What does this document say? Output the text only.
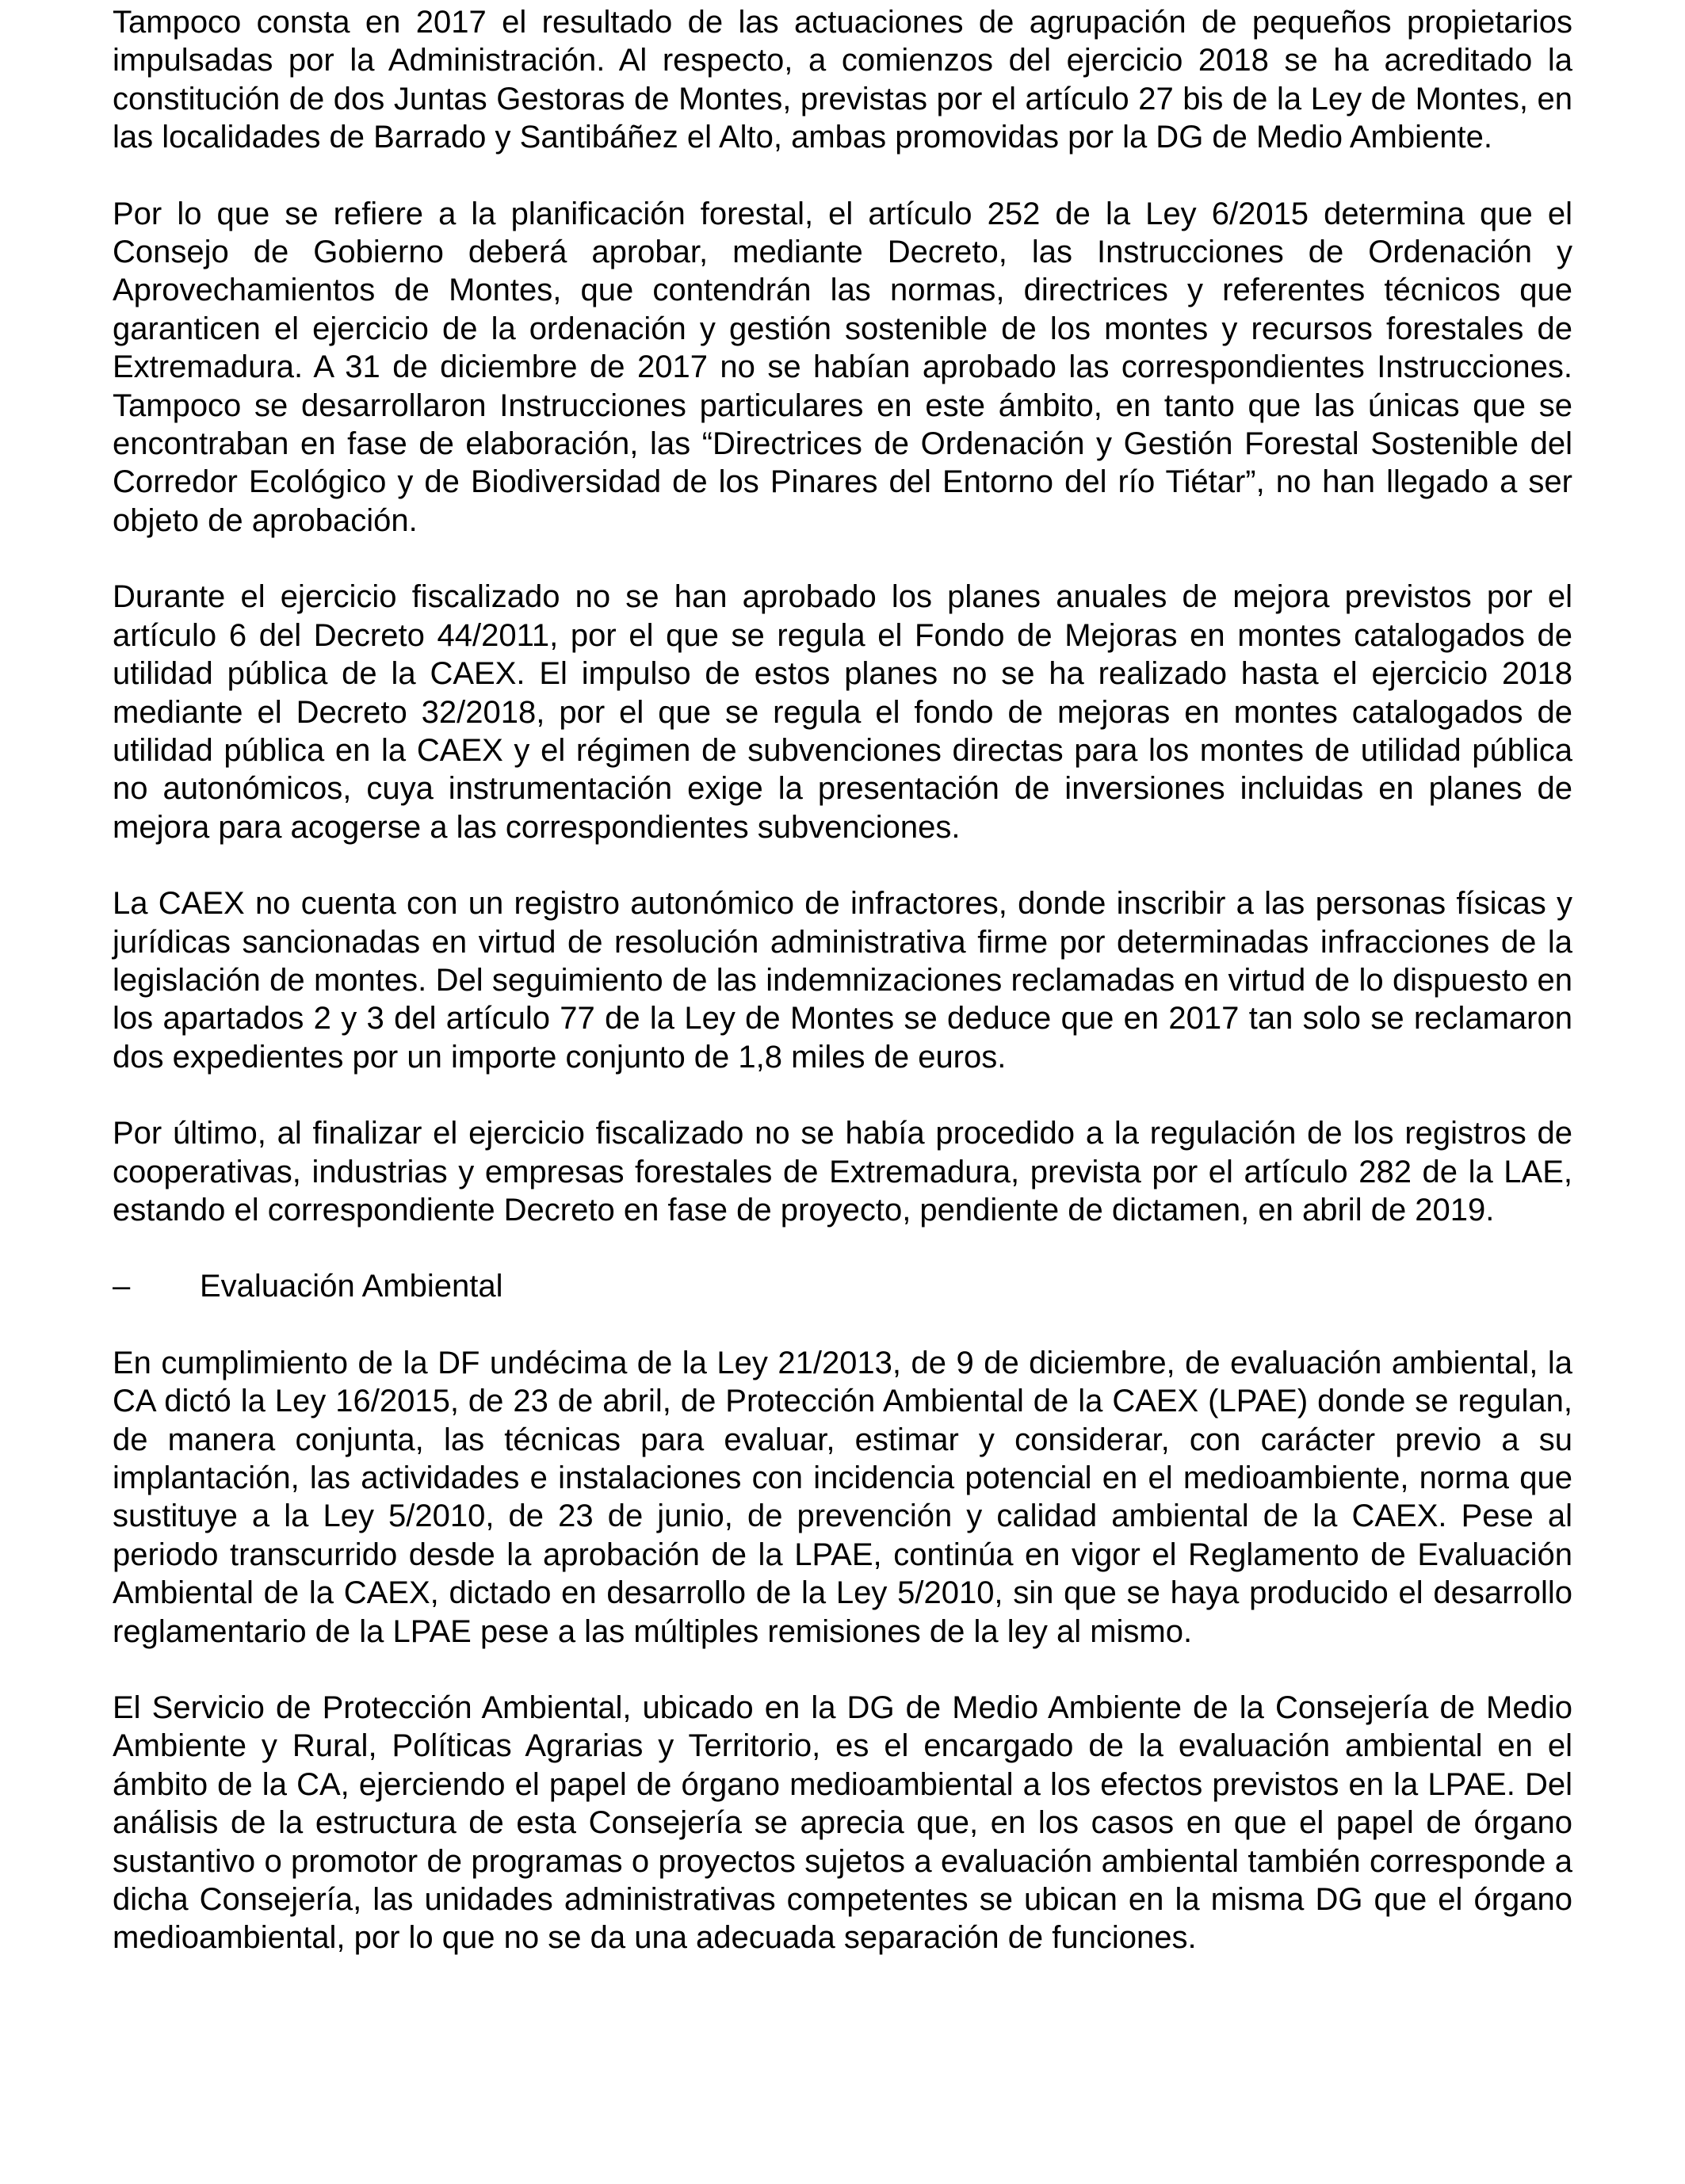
Tampoco consta en 2017 el resultado de las actuaciones de agrupación de pequeños propietarios impulsadas por la Administración. Al respecto, a comienzos del ejercicio 2018 se ha acreditado la constitución de dos Juntas Gestoras de Montes, previstas por el artículo 27 bis de la Ley de Montes, en las localidades de Barrado y Santibáñez el Alto, ambas promovidas por la DG de Medio Ambiente.

Por lo que se refiere a la planificación forestal, el artículo 252 de la Ley 6/2015 determina que el Consejo de Gobierno deberá aprobar, mediante Decreto, las Instrucciones de Ordenación y Aprovechamientos de Montes, que contendrán las normas, directrices y referentes técnicos que garanticen el ejercicio de la ordenación y gestión sostenible de los montes y recursos forestales de Extremadura. A 31 de diciembre de 2017 no se habían aprobado las correspondientes Instrucciones. Tampoco se desarrollaron Instrucciones particulares en este ámbito, en tanto que las únicas que se encontraban en fase de elaboración, las “Directrices de Ordenación y Gestión Forestal Sostenible del Corredor Ecológico y de Biodiversidad de los Pinares del Entorno del río Tiétar”, no han llegado a ser objeto de aprobación.

Durante el ejercicio fiscalizado no se han aprobado los planes anuales de mejora previstos por el artículo 6 del Decreto 44/2011, por el que se regula el Fondo de Mejoras en montes catalogados de utilidad pública de la CAEX. El impulso de estos planes no se ha realizado hasta el ejercicio 2018 mediante el Decreto 32/2018, por el que se regula el fondo de mejoras en montes catalogados de utilidad pública en la CAEX y el régimen de subvenciones directas para los montes de utilidad pública no autonómicos, cuya instrumentación exige la presentación de inversiones incluidas en planes de mejora para acogerse a las correspondientes subvenciones.

La CAEX no cuenta con un registro autonómico de infractores, donde inscribir a las personas físicas y jurídicas sancionadas en virtud de resolución administrativa firme por determinadas infracciones de la legislación de montes. Del seguimiento de las indemnizaciones reclamadas en virtud de lo dispuesto en los apartados 2 y 3 del artículo 77 de la Ley de Montes se deduce que en 2017 tan solo se reclamaron dos expedientes por un importe conjunto de 1,8 miles de euros.

Por último, al finalizar el ejercicio fiscalizado no se había procedido a la regulación de los registros de cooperativas, industrias y empresas forestales de Extremadura, prevista por el artículo 282 de la LAE, estando el correspondiente Decreto en fase de proyecto, pendiente de dictamen, en abril de 2019.

–	Evaluación Ambiental

En cumplimiento de la DF undécima de la Ley 21/2013, de 9 de diciembre, de evaluación ambiental, la CA dictó la Ley 16/2015, de 23 de abril, de Protección Ambiental de la CAEX (LPAE) donde se regulan, de manera conjunta, las técnicas para evaluar, estimar y considerar, con carácter previo a su implantación, las actividades e instalaciones con incidencia potencial en el medioambiente, norma que sustituye a la Ley 5/2010, de 23 de junio, de prevención y calidad ambiental de la CAEX. Pese al periodo transcurrido desde la aprobación de la LPAE, continúa en vigor el Reglamento de Evaluación Ambiental de la CAEX, dictado en desarrollo de la Ley 5/2010, sin que se haya producido el desarrollo reglamentario de la LPAE pese a las múltiples remisiones de la ley al mismo.

El Servicio de Protección Ambiental, ubicado en la DG de Medio Ambiente de la Consejería de Medio Ambiente y Rural, Políticas Agrarias y Territorio, es el encargado de la evaluación ambiental en el ámbito de la CA, ejerciendo el papel de órgano medioambiental a los efectos previstos en la LPAE. Del análisis de la estructura de esta Consejería se aprecia que, en los casos en que el papel de órgano sustantivo o promotor de programas o proyectos sujetos a evaluación ambiental también corresponde a dicha Consejería, las unidades administrativas competentes se ubican en la misma DG que el órgano medioambiental, por lo que no se da una adecuada separación de funciones.
